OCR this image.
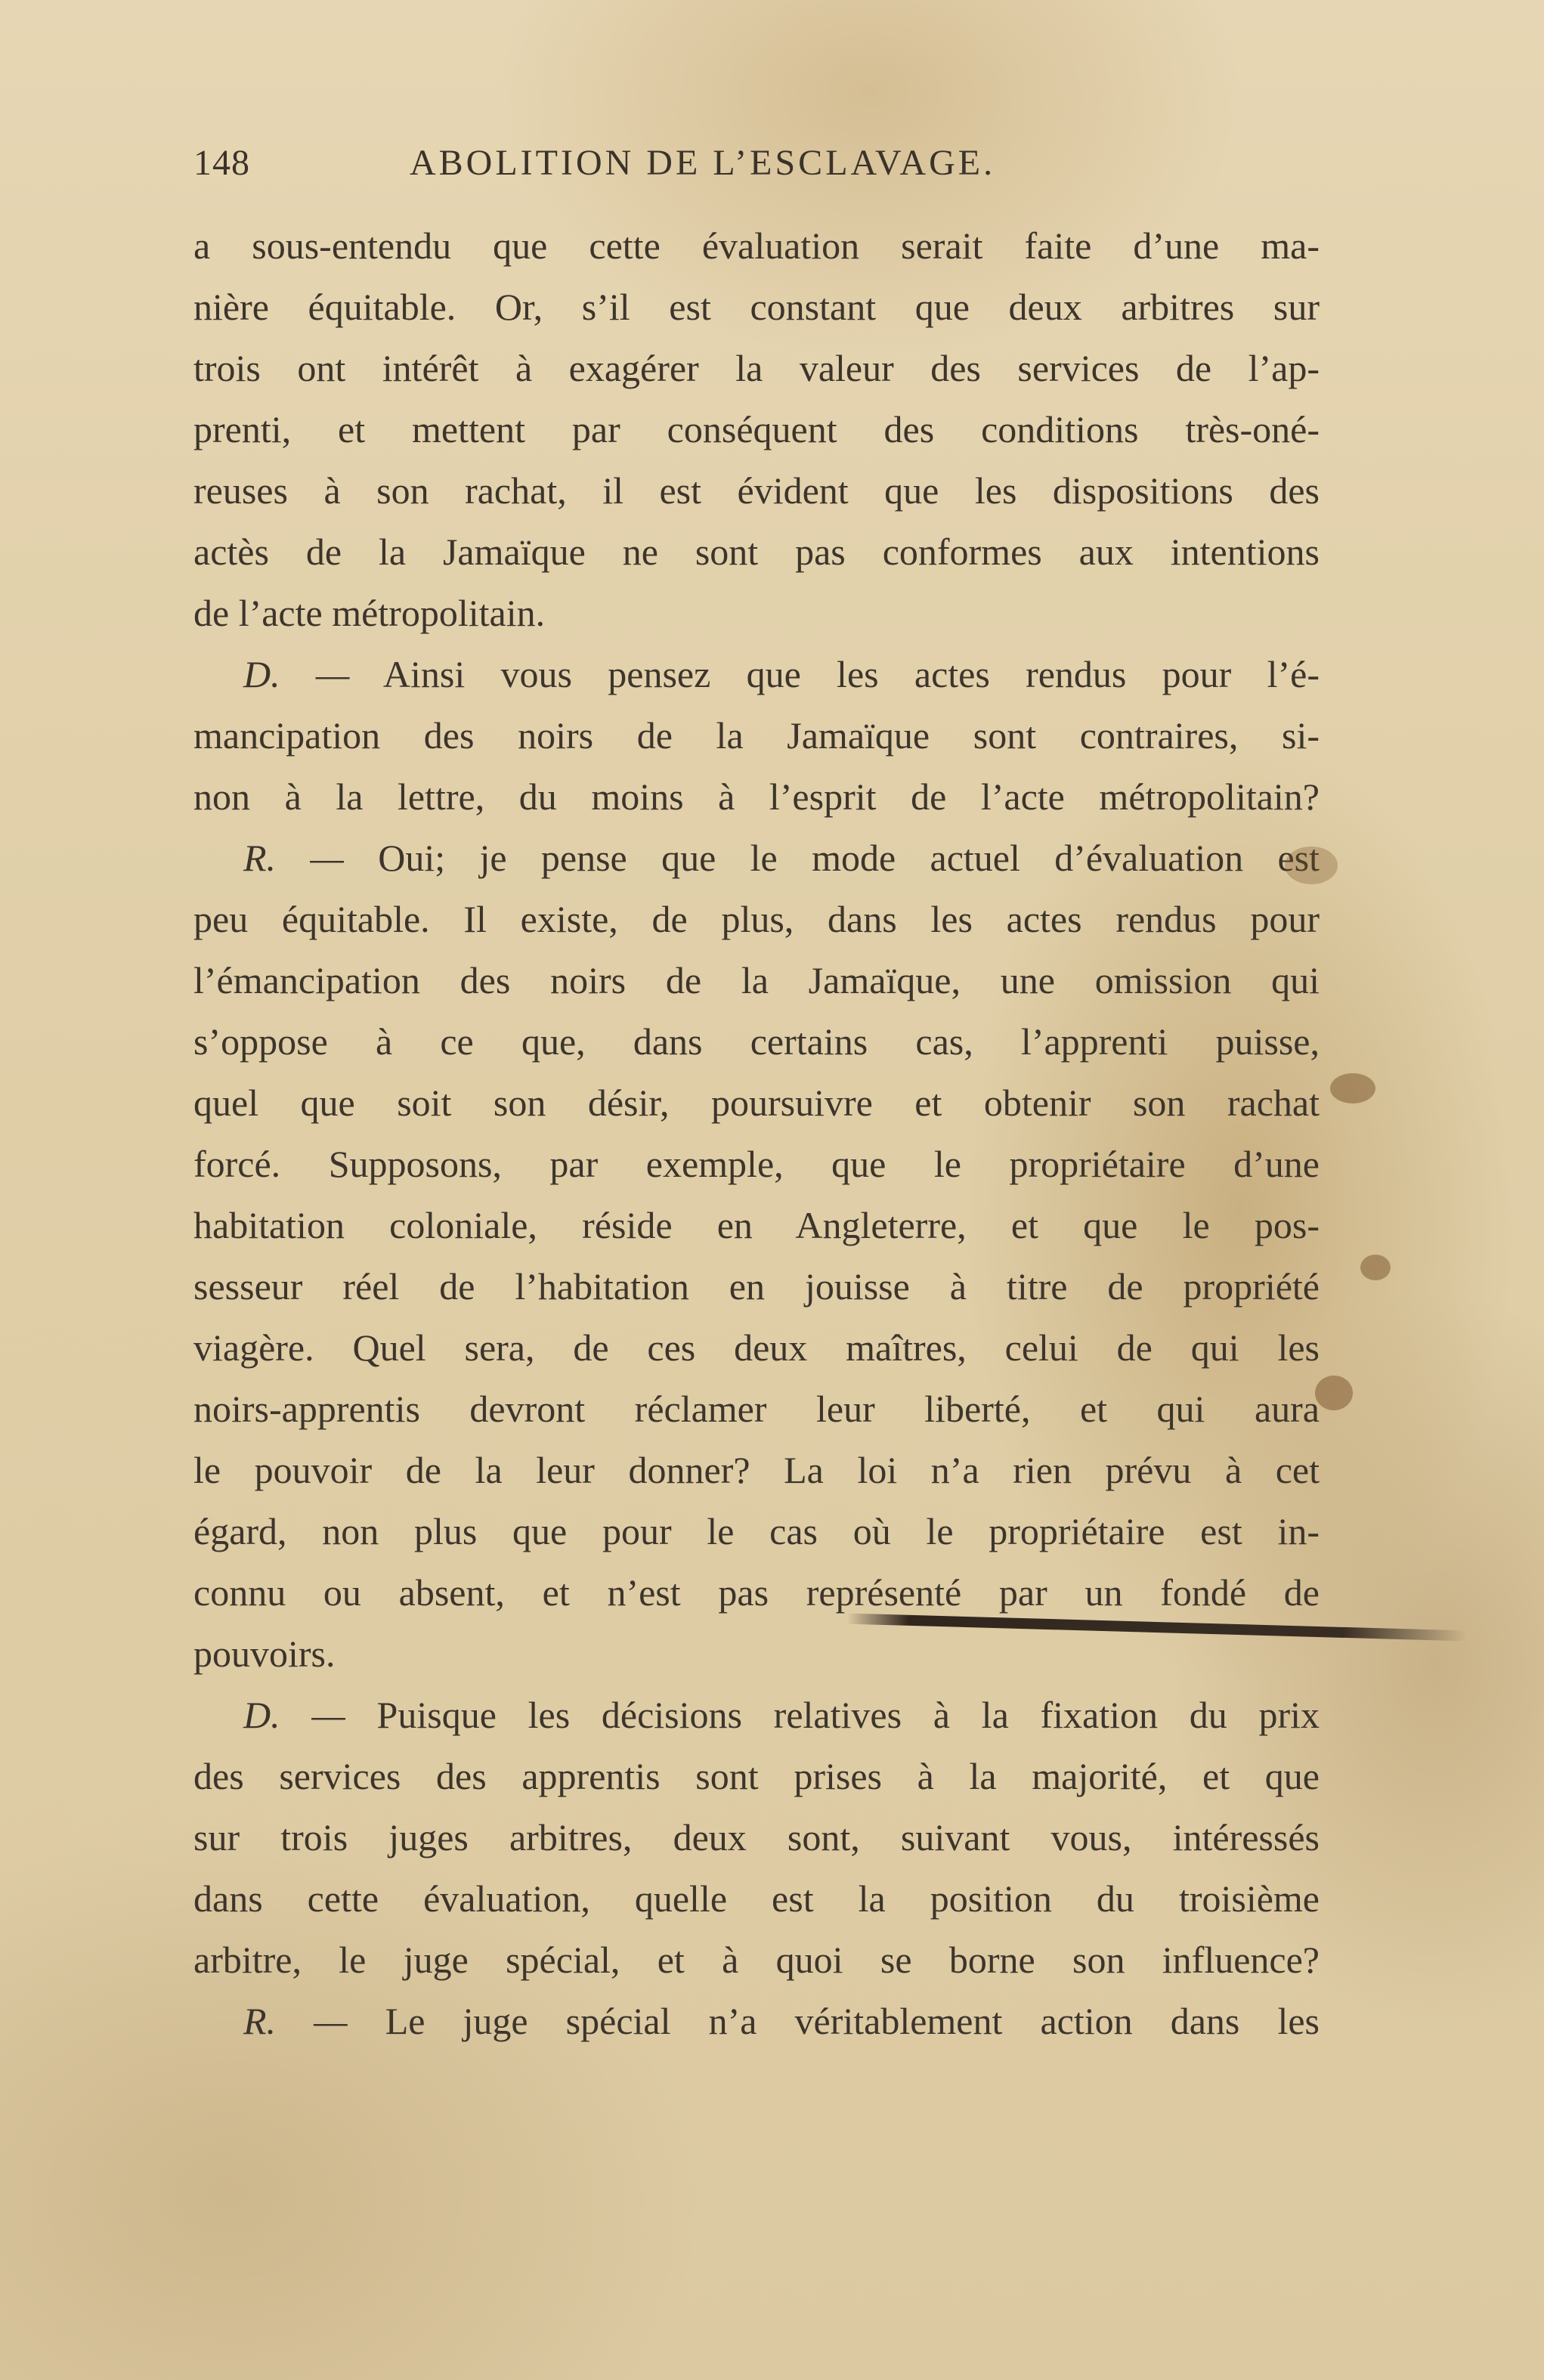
148	ABOLITION DE L’ESCLAVAGE.
a sous-entendu que cette évaluation serait faite d’une ma-
nière équitable. Or, s’il est constant que deux arbitres sur
trois ont intérêt à exagérer la valeur des services de l’ap-
prenti, et mettent par conséquent des conditions très-oné-
reuses à son rachat, il est évident que les dispositions des
actès de la Jamaïque ne sont pas conformes aux intentions
de l’acte métropolitain.
D. — Ainsi vous pensez que les actes rendus pour l’é-
mancipation des noirs de la Jamaïque sont contraires, si-
non à la lettre, du moins à l’esprit de l’acte métropolitain?
R. — Oui; je pense que le mode actuel d’évaluation est
peu équitable. Il existe, de plus, dans les actes rendus pour
l’émancipation des noirs de la Jamaïque, une omission qui
s’oppose à ce que, dans certains cas, l’apprenti puisse,
quel que soit son désir, poursuivre et obtenir son rachat
forcé. Supposons, par exemple, que le propriétaire d’une
habitation coloniale, réside en Angleterre, et que le pos-
sesseur réel de l’habitation en jouisse à titre de propriété
viagère. Quel sera, de ces deux maîtres, celui de qui les
noirs-apprentis devront réclamer leur liberté, et qui aura
le pouvoir de la leur donner? La loi n’a rien prévu à cet
égard, non plus que pour le cas où le propriétaire est in-
connu ou absent, et n’est pas représenté par un fondé de
pouvoirs.
D. — Puisque les décisions relatives à la fixation du prix
des services des apprentis sont prises à la majorité, et que
sur trois juges arbitres, deux sont, suivant vous, intéressés
dans cette évaluation, quelle est la position du troisième
arbitre, le juge spécial, et à quoi se borne son influence?
R. — Le juge spécial n’a véritablement action dans les
